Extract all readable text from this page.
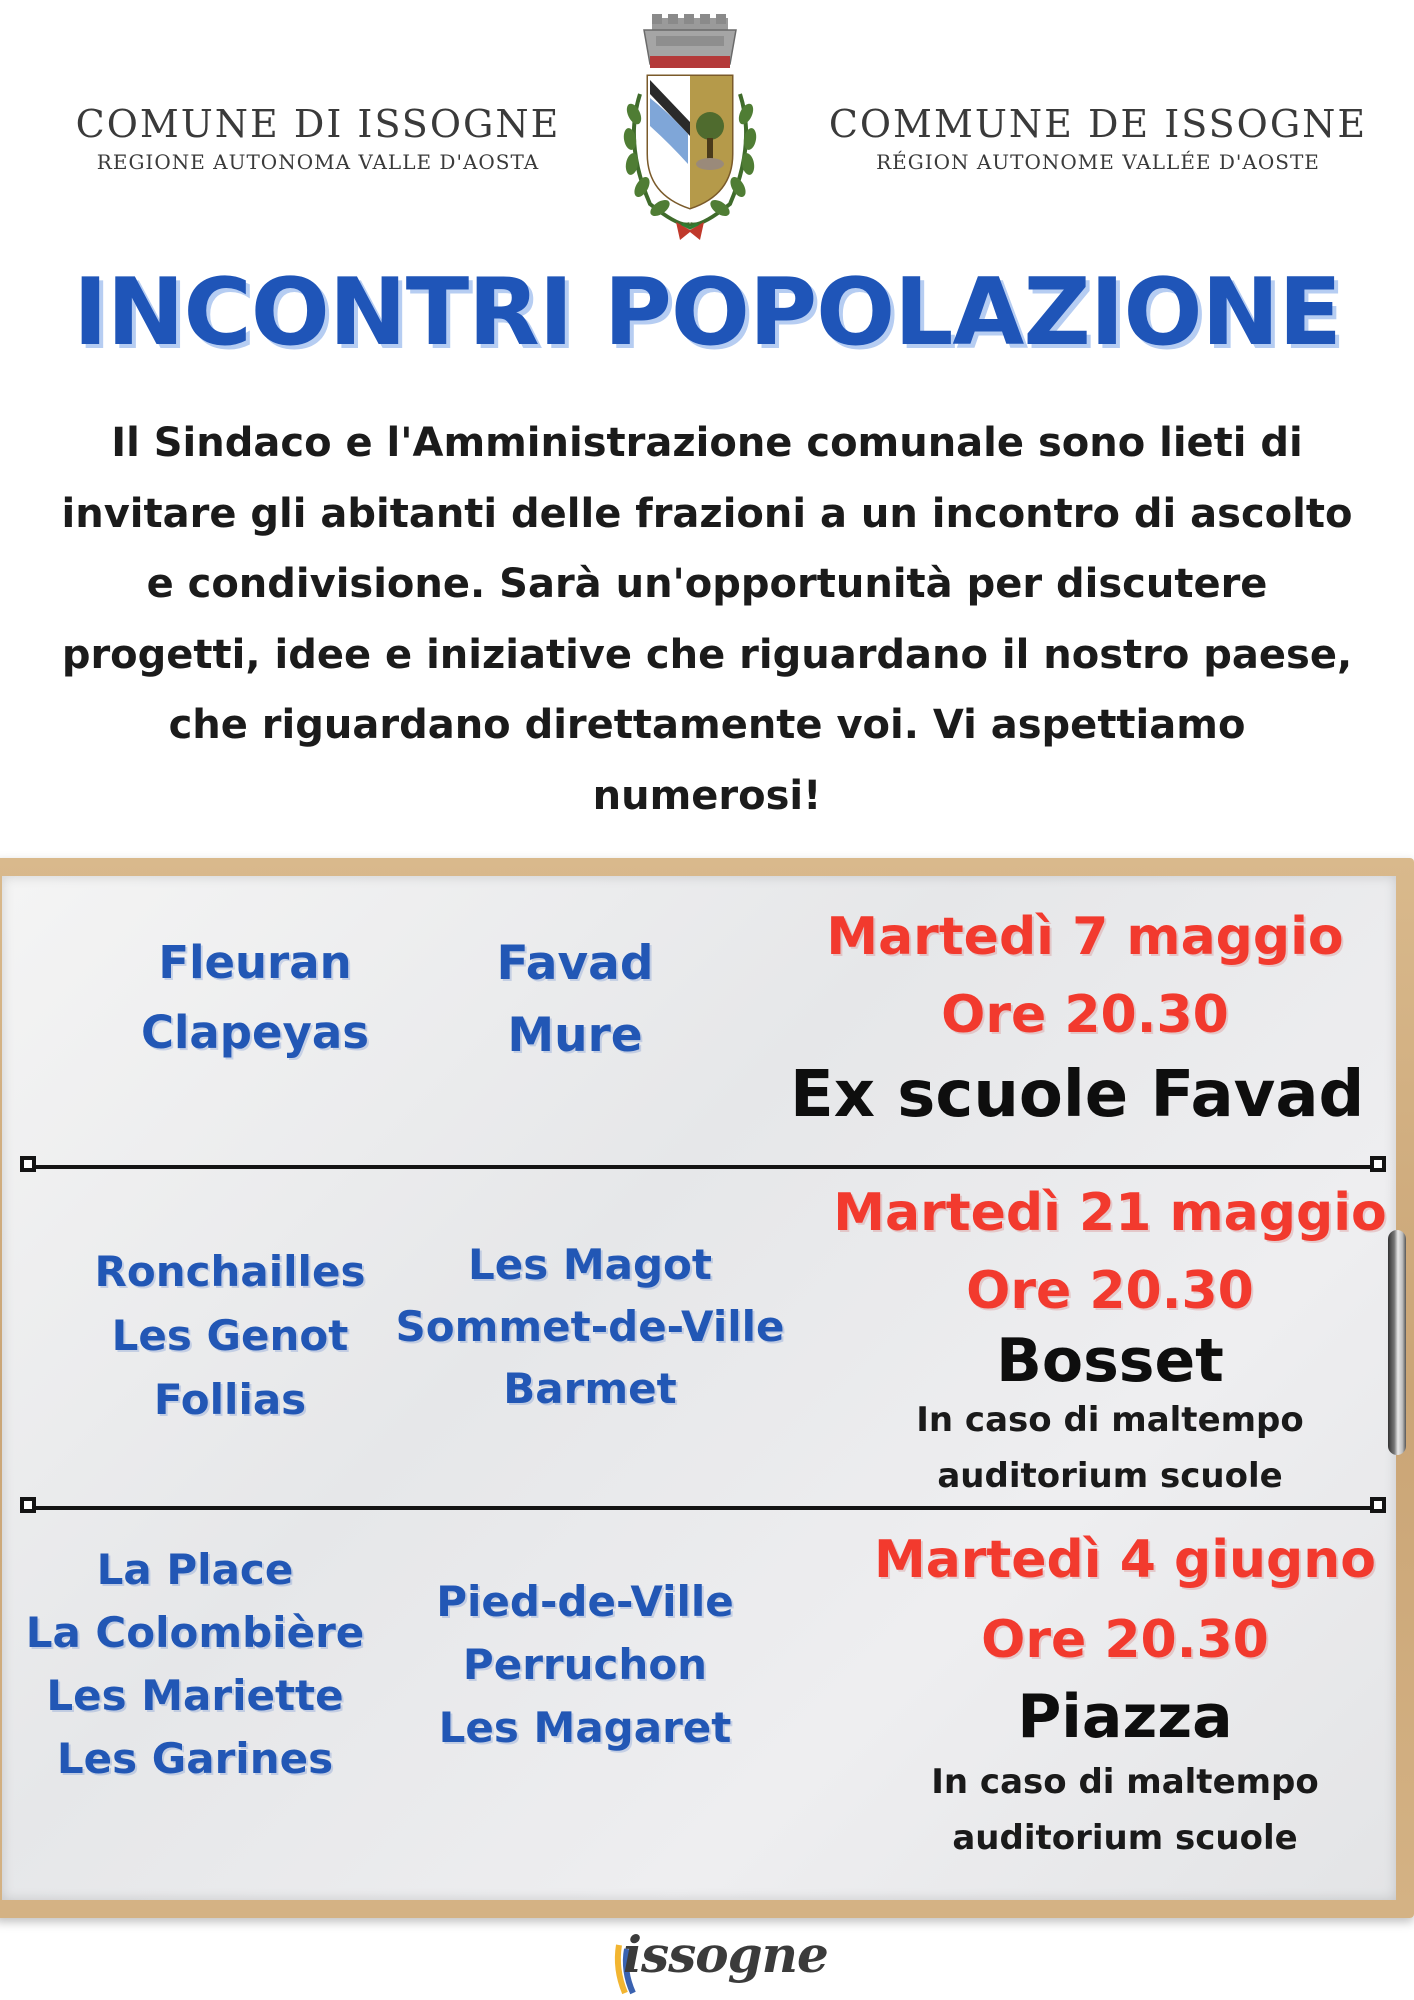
COMUNE DI ISSOGNE
REGIONE AUTONOMA VALLE D'AOSTA
COMMUNE DE ISSOGNE
RÉGION AUTONOME VALLÉE D'AOSTE
INCONTRI POPOLAZIONE
Il Sindaco e l'Amministrazione comunale sono lieti di invitare gli abitanti delle frazioni a un incontro di ascolto e condivisione. Sarà un'opportunità per discutere progetti, idee e iniziative che riguardano il nostro paese, che riguardano direttamente voi. Vi aspettiamo numerosi!
Fleuran
Clapeyas
Favad
Mure
Martedì 7 maggio
Ore 20.30
Ex scuole Favad
Ronchailles
Les Genot
Follias
Les Magot
Sommet-de-Ville
Barmet
Martedì 21 maggio
Ore 20.30
Bosset
In caso di maltempo
auditorium scuole
La Place
La Colombière
Les Mariette
Les Garines
Pied-de-Ville
Perruchon
Les Magaret
Martedì 4 giugno
Ore 20.30
Piazza
In caso di maltempo
auditorium scuole
issogne
